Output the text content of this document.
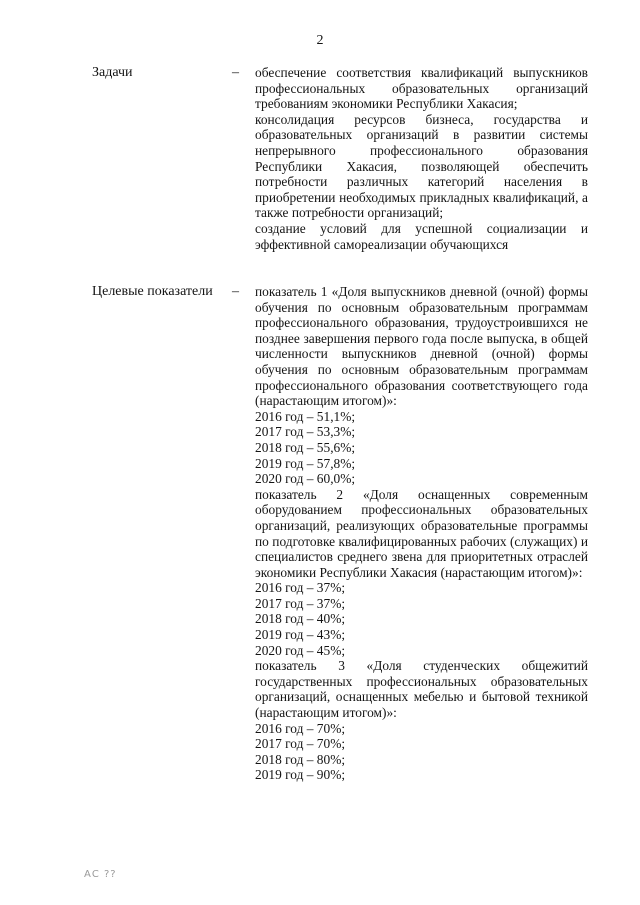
2
Задачи	– обеспечение соответствия квалификаций выпускников профессиональных образовательных организаций требованиям экономики Республики Хакасия;

консолидация ресурсов бизнеса, государства и образовательных организаций в развитии системы непрерывного профессионального образования Республики Хакасия, позволяющей обеспечить потребности различных категорий населения в приобретении необходимых прикладных квалификаций, а также потребности организаций;

создание условий для успешной социализации и эффективной самореализации обучающихся

Целевые показатели – показатель 1 «Доля выпускников дневной (очной) формы обучения по основным образовательным программам профессионального образования, трудоустроившихся не позднее завершения первого года после выпуска, в общей численности выпускников дневной (очной) формы обучения по основным образовательным программам профессионального образования соответствующего года (нарастающим итогом)»:

2016 год – 51,1%;

2017 год – 53,3%;

2018 год – 55,6%;

2019 год – 57,8%;

2020 год – 60,0%;

показатель 2 «Доля оснащенных современным оборудованием профессиональных образовательных организаций, реализующих образовательные программы по подготовке квалифицированных рабочих (служащих) и специалистов среднего звена для приоритетных отраслей экономики Республики Хакасия (нарастающим итогом)»:

2016 год – 37%;

2017 год – 37%;

2018 год – 40%;

2019 год – 43%;

2020 год – 45%;

показатель 3 «Доля студенческих общежитий государственных профессиональных образовательных организаций, оснащенных мебелью и бытовой техникой (нарастающим итогом)»:

2016 год – 70%;

2017 год – 70%;

2018 год – 80%;

2019 год – 90%;

АС ??
